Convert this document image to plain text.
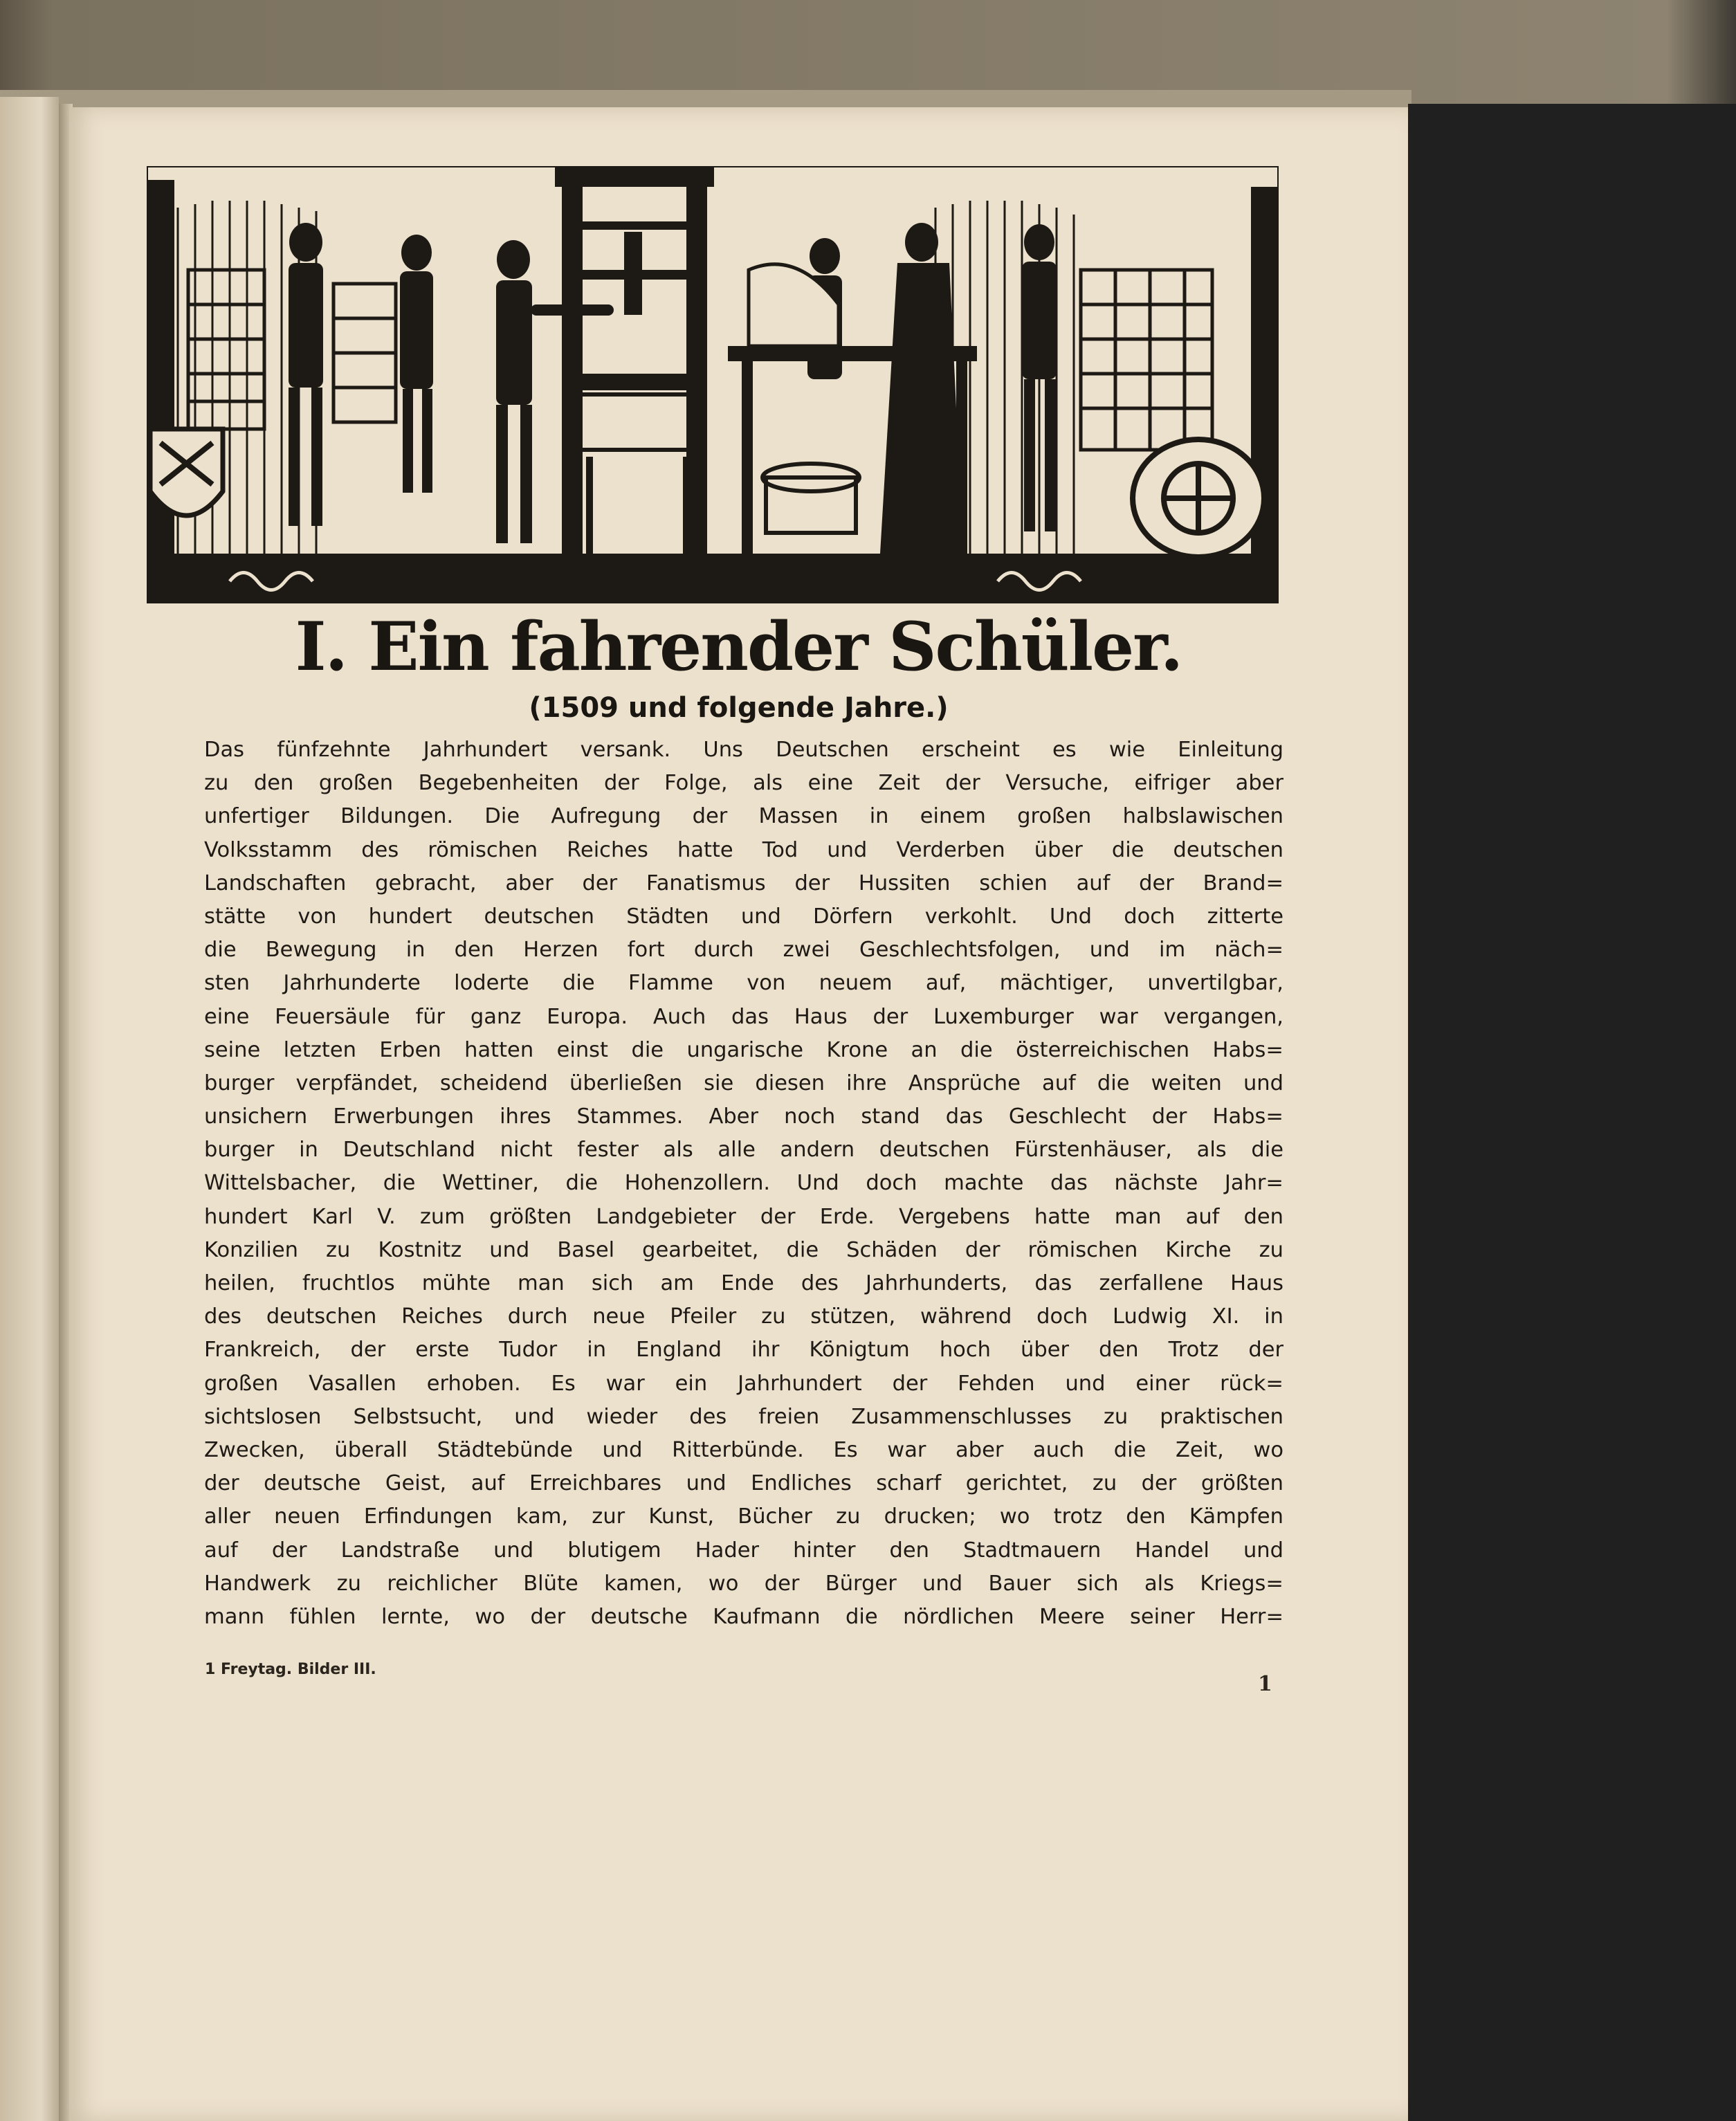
I. Ein fahrender Schüler.
(1509 und folgende Jahre.)
Das fünfzehnte Jahrhundert versank. Uns Deutschen erscheint es wie Einleitung
zu den großen Begebenheiten der Folge, als eine Zeit der Versuche, eifriger aber
unfertiger Bildungen. Die Aufregung der Massen in einem großen halbslawischen
Volksstamm des römischen Reiches hatte Tod und Verderben über die deutschen
Landschaften gebracht, aber der Fanatismus der Hussiten schien auf der Brand=
stätte von hundert deutschen Städten und Dörfern verkohlt. Und doch zitterte
die Bewegung in den Herzen fort durch zwei Geschlechtsfolgen, und im näch=
sten Jahrhunderte loderte die Flamme von neuem auf, mächtiger, unvertilgbar,
eine Feuersäule für ganz Europa. Auch das Haus der Luxemburger war vergangen,
seine letzten Erben hatten einst die ungarische Krone an die österreichischen Habs=
burger verpfändet, scheidend überließen sie diesen ihre Ansprüche auf die weiten und
unsichern Erwerbungen ihres Stammes. Aber noch stand das Geschlecht der Habs=
burger in Deutschland nicht fester als alle andern deutschen Fürstenhäuser, als die
Wittelsbacher, die Wettiner, die Hohenzollern. Und doch machte das nächste Jahr=
hundert Karl V. zum größten Landgebieter der Erde. Vergebens hatte man auf den
Konzilien zu Kostnitz und Basel gearbeitet, die Schäden der römischen Kirche zu
heilen, fruchtlos mühte man sich am Ende des Jahrhunderts, das zerfallene Haus
des deutschen Reiches durch neue Pfeiler zu stützen, während doch Ludwig XI. in
Frankreich, der erste Tudor in England ihr Königtum hoch über den Trotz der
großen Vasallen erhoben. Es war ein Jahrhundert der Fehden und einer rück=
sichtslosen Selbstsucht, und wieder des freien Zusammenschlusses zu praktischen
Zwecken, überall Städtebünde und Ritterbünde. Es war aber auch die Zeit, wo
der deutsche Geist, auf Erreichbares und Endliches scharf gerichtet, zu der größten
aller neuen Erfindungen kam, zur Kunst, Bücher zu drucken; wo trotz den Kämpfen
auf der Landstraße und blutigem Hader hinter den Stadtmauern Handel und
Handwerk zu reichlicher Blüte kamen, wo der Bürger und Bauer sich als Kriegs=
mann fühlen lernte, wo der deutsche Kaufmann die nördlichen Meere seiner Herr=
1 Freytag. Bilder III.
1
